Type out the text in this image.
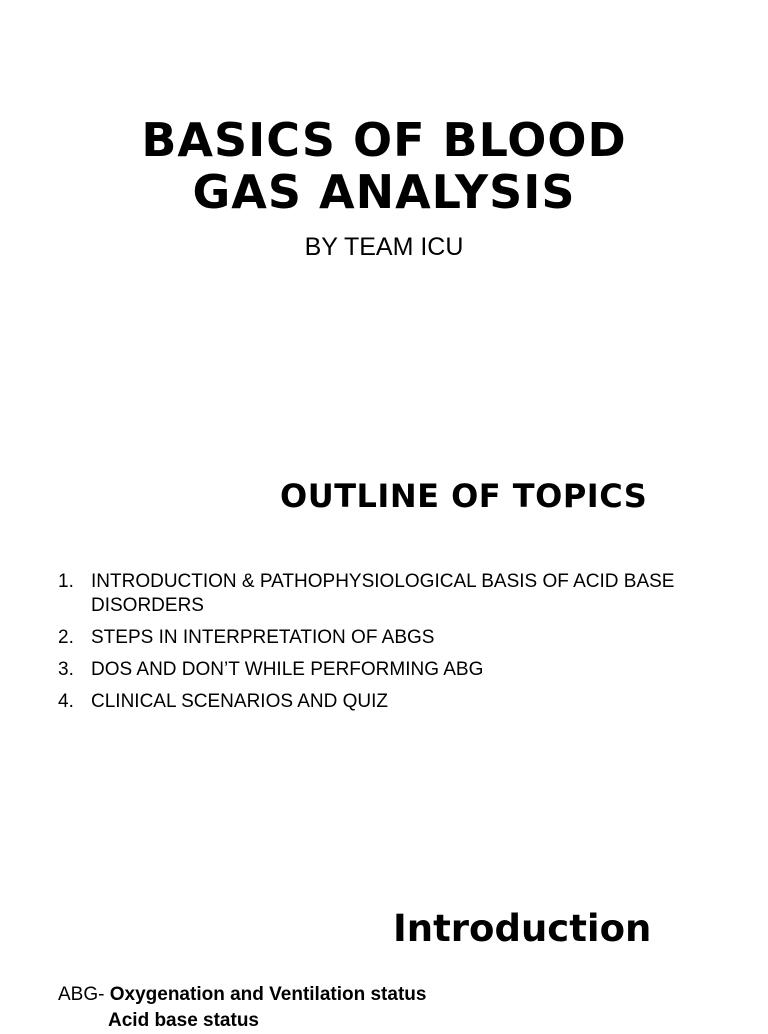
BASICS OF BLOOD
GAS ANALYSIS

BY TEAM ICU

OUTLINE OF TOPICS
1. INTRODUCTION & PATHOPHYSIOLOGICAL BASIS OF ACID BASE DISORDERS
2. STEPS IN INTERPRETATION OF ABGS
3. DOS AND DON’T WHILE PERFORMING ABG
4. CLINICAL SCENARIOS AND QUIZ
Introduction
ABG- Oxygenation and Ventilation status
Acid base status
